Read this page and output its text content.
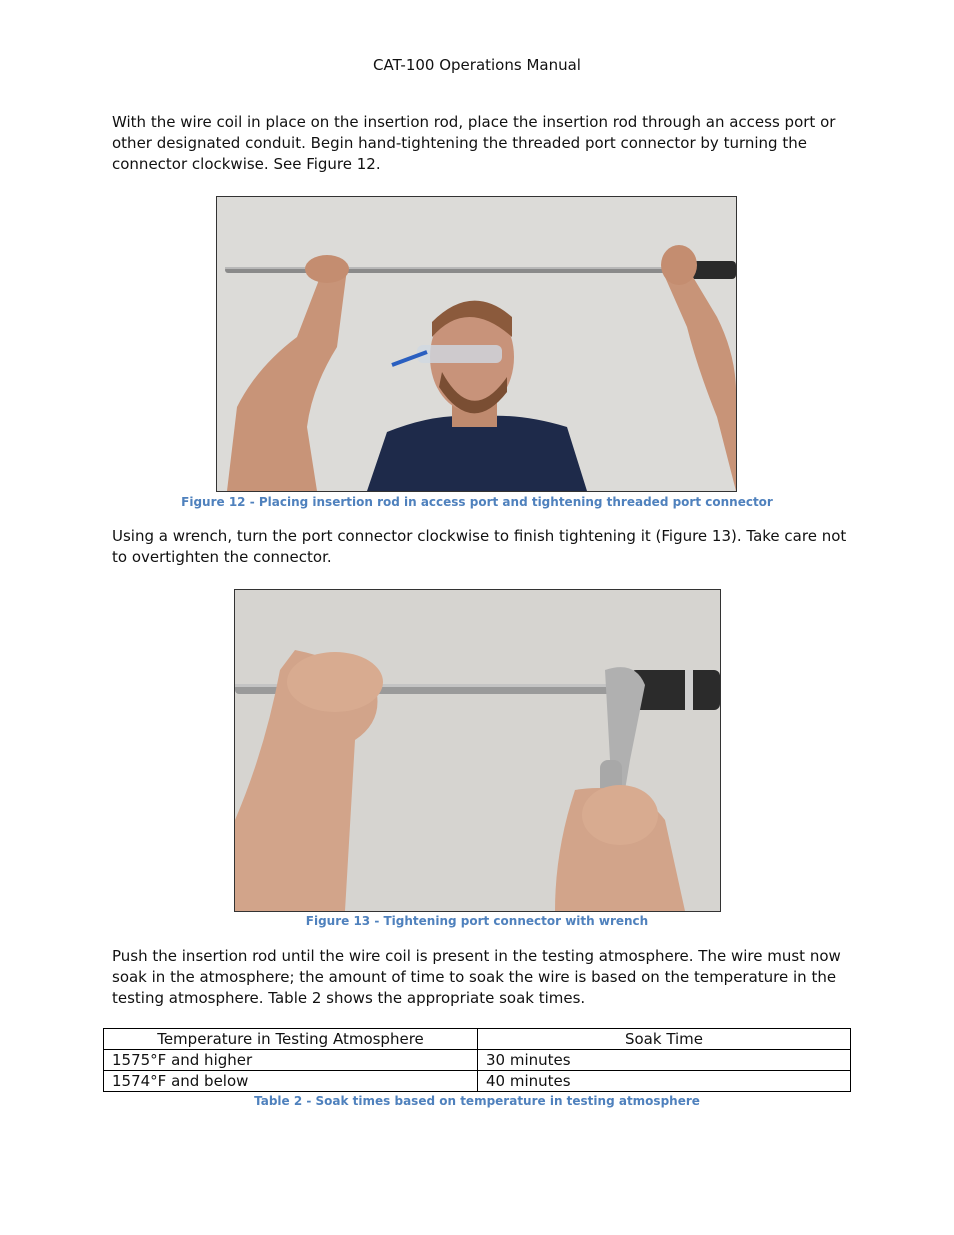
CAT-100 Operations Manual

With the wire coil in place on the insertion rod, place the insertion rod through an access port or other designated conduit. Begin hand-tightening the threaded port connector by turning the connector clockwise. See Figure 12.

Figure 12 - Placing insertion rod in access port and tightening threaded port connector

Using a wrench, turn the port connector clockwise to finish tightening it (Figure 13). Take care not to overtighten the connector.

Figure 13 - Tightening port connector with wrench

Push the insertion rod until the wire coil is present in the testing atmosphere. The wire must now soak in the atmosphere; the amount of time to soak the wire is based on the temperature in the testing atmosphere. Table 2 shows the appropriate soak times.

Temperature in Testing Atmosphere	Soak Time
1575°F and higher	30 minutes
1574°F and below	40 minutes
Table 2 - Soak times based on temperature in testing atmosphere
